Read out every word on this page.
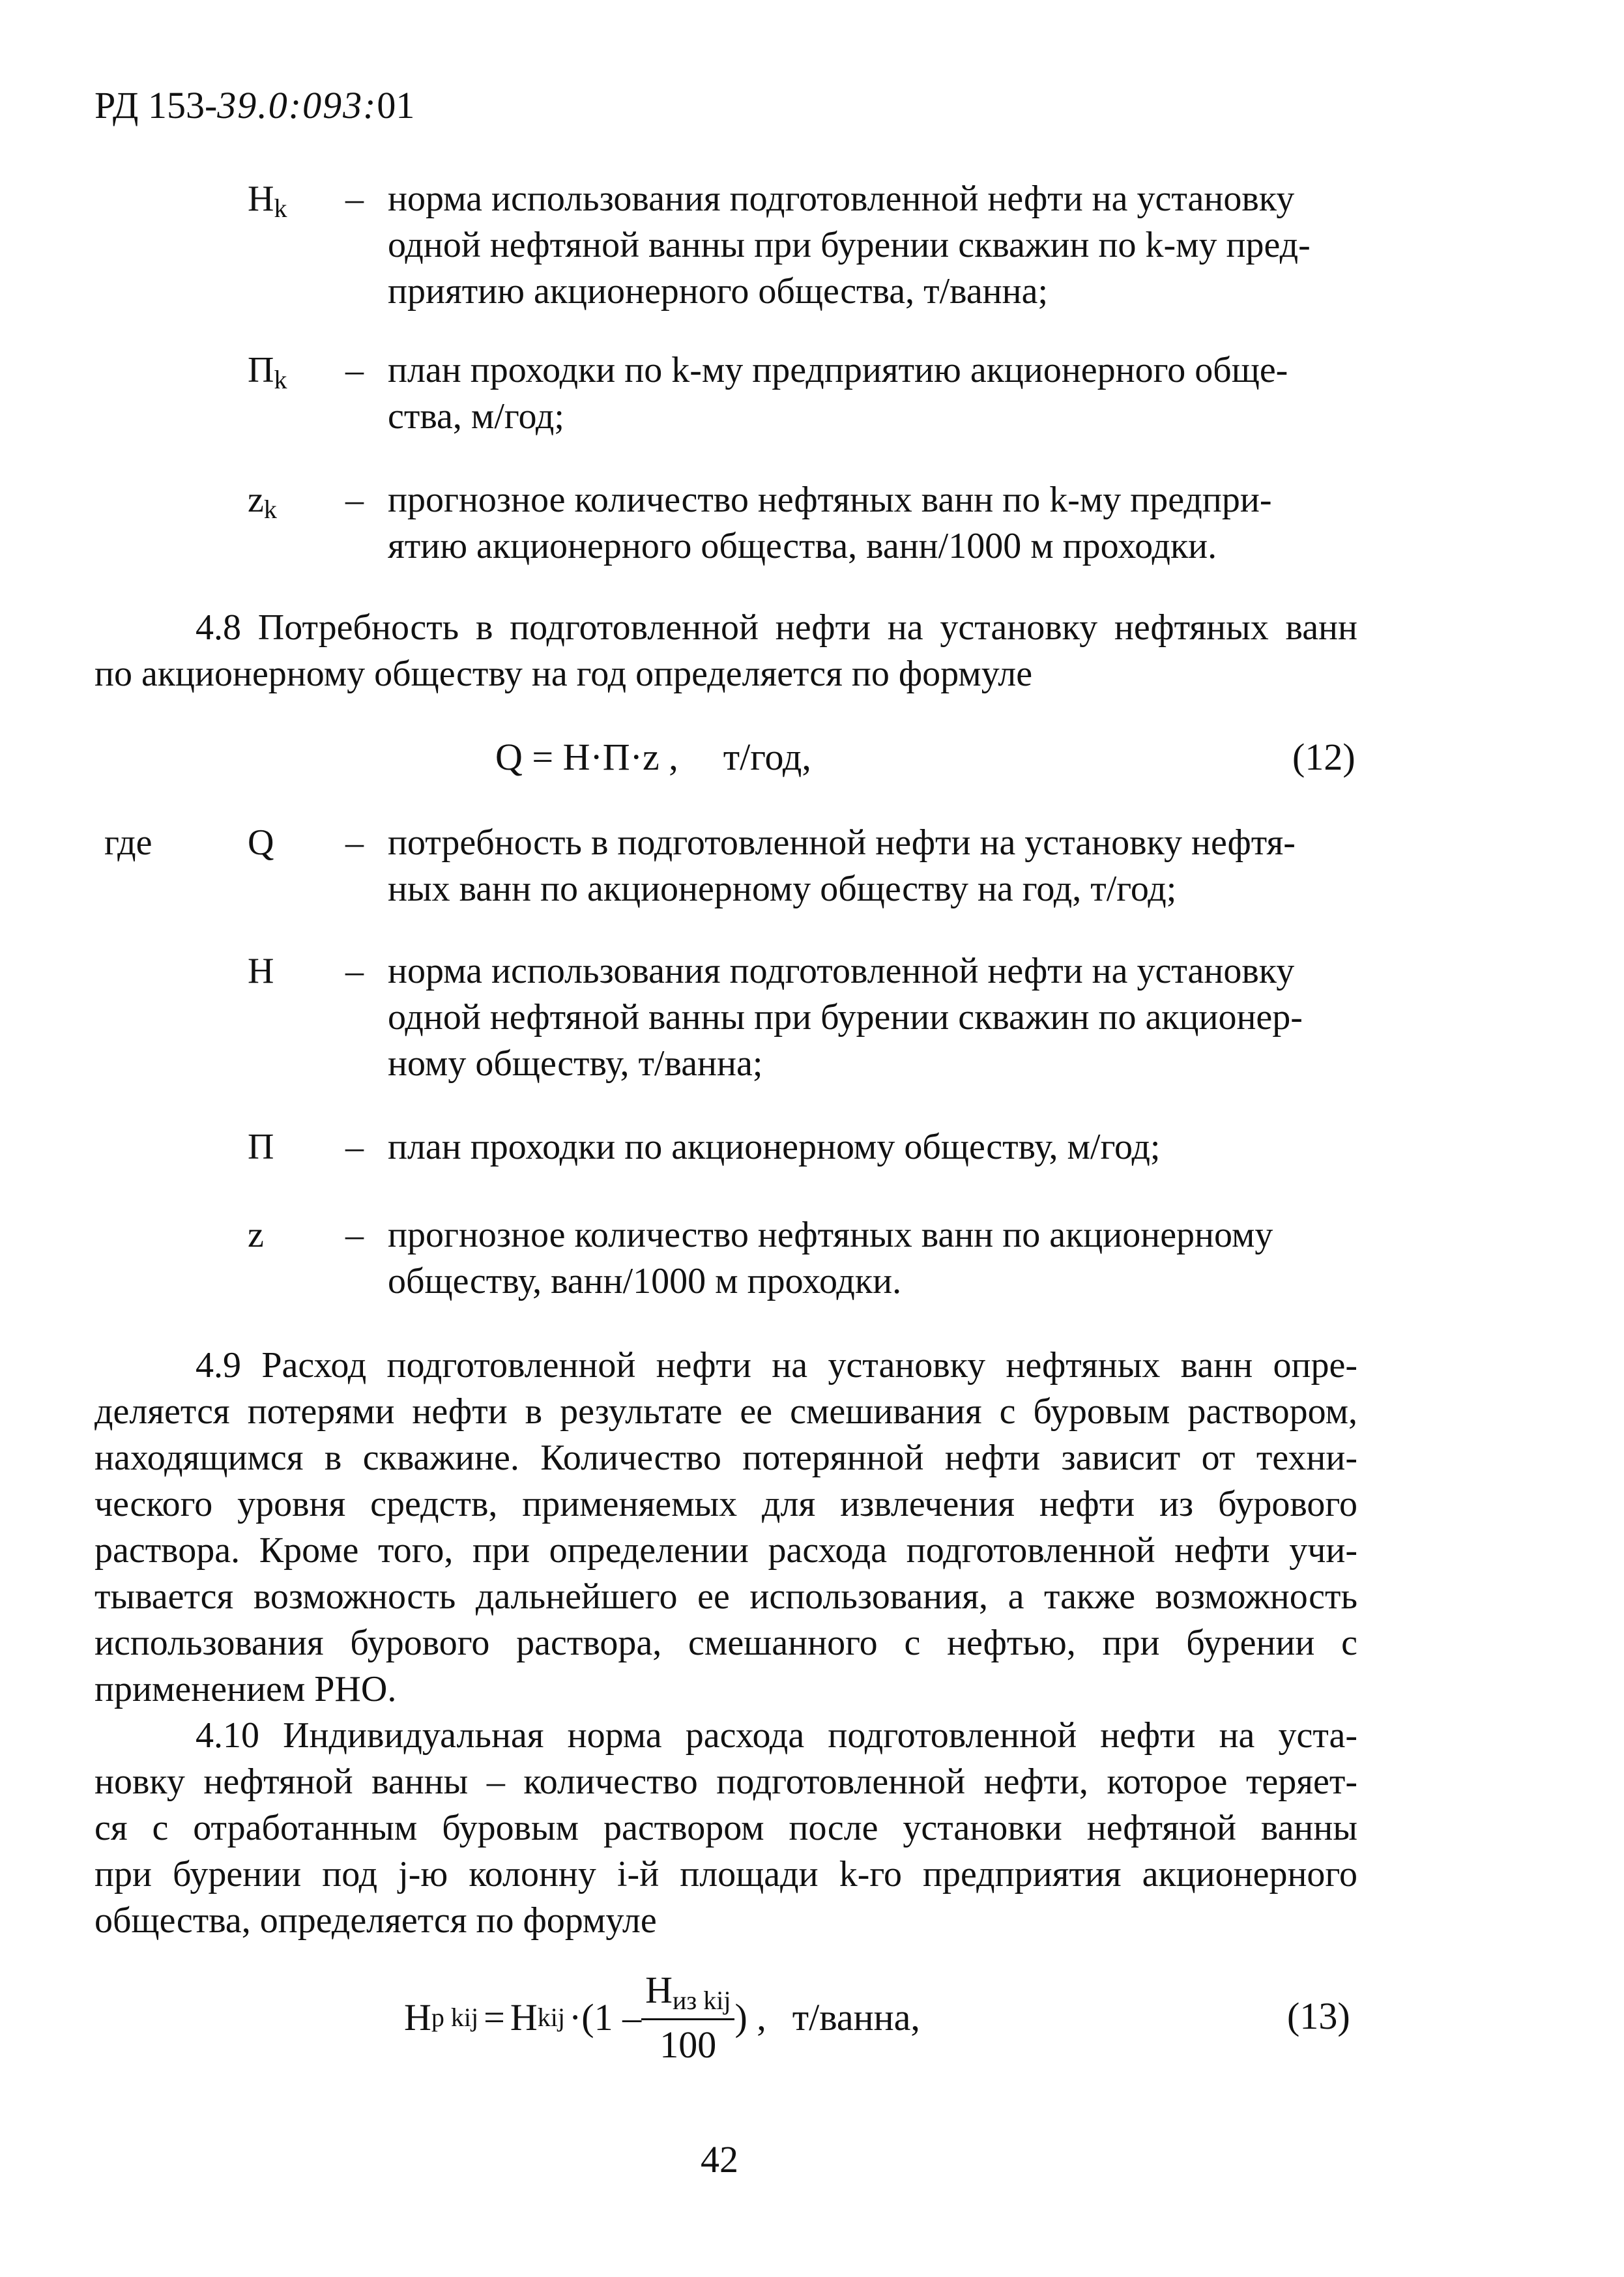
РД 153-39.0:093:01
$Н_k$	– норма использования подготовленной нефти на установку
одной нефтяной ванны при бурении скважин по k-му пред-
приятию акционерного общества, т/ванна;
$П_k$	– план проходки по k-му предприятию акционерного обще-
ства, м/год;
$z_k$	– прогнозное количество нефтяных ванн по k-му предпри-
ятию акционерного общества, ванн/1000 м проходки.
4.8 Потребность в подготовленной нефти на установку нефтяных ванн
по акционерному обществу на год определяется по формуле
Q = Н·П·z , т/год,	(12)
где	Q	– потребность в подготовленной нефти на установку нефтя-
ных ванн по акционерному обществу на год, т/год;
Н	– норма использования подготовленной нефти на установку
одной нефтяной ванны при бурении скважин по акционер-
ному обществу, т/ванна;
П	– план проходки по акционерному обществу, м/год;
z	– прогнозное количество нефтяных ванн по акционерному
обществу, ванн/1000 м проходки.
4.9 Расход подготовленной нефти на установку нефтяных ванн опре-
деляется потерями нефти в результате ее смешивания с буровым раствором,
находящимся в скважине. Количество потерянной нефти зависит от техни-
ческого уровня средств, применяемых для извлечения нефти из бурового
раствора. Кроме того, при определении расхода подготовленной нефти учи-
тывается возможность дальнейшего ее использования, а также возможность
использования бурового раствора, смешанного с нефтью, при бурении с
применением РНО.
4.10 Индивидуальная норма расхода подготовленной нефти на уста-
новку нефтяной ванны – количество подготовленной нефти, которое теряет-
ся с отработанным буровым раствором после установки нефтяной ванны
при бурении под j-ю колонну i-й площади k-го предприятия акционерного
общества, определяется по формуле
Н p kij = Н kij $\cdot(1 - \frac{Н_{из kij}}{100}$ ) , т/ванна,	(13)
42
